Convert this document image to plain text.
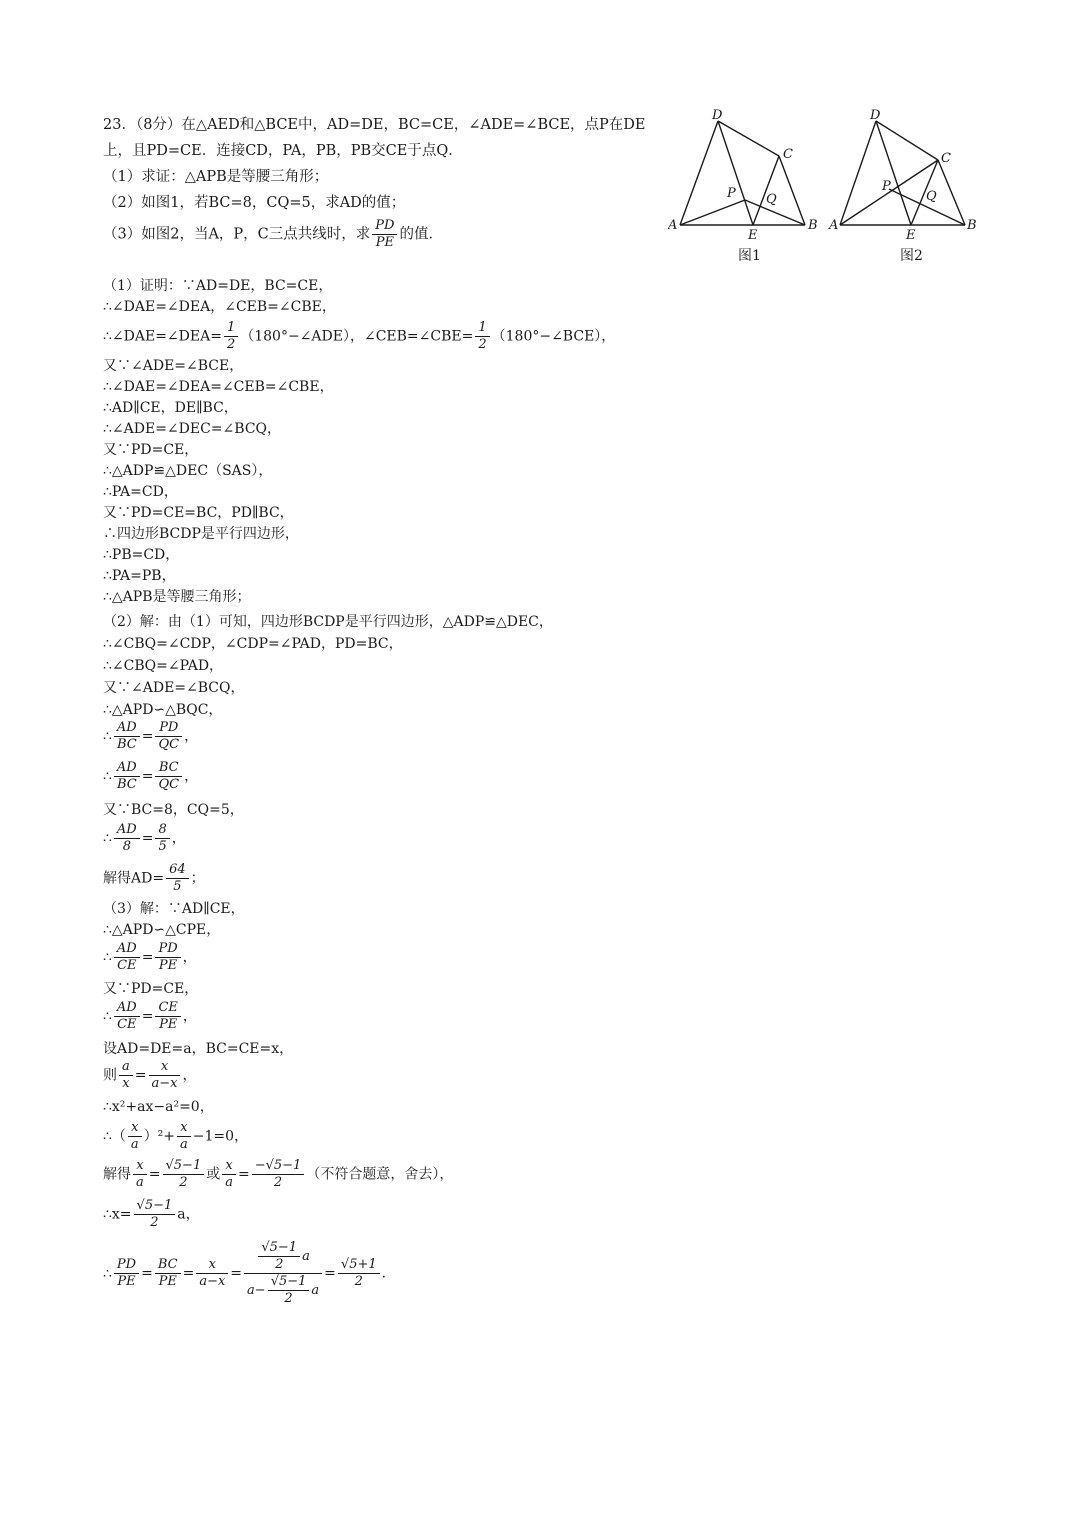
23．（8分）在△AED和△BCE中，AD=DE，BC=CE，∠ADE=∠BCE，点P在DE
上，且PD=CE．连接CD，PA，PB，PB交CE于点Q．
（1）求证：△APB是等腰三角形；
（2）如图1，若BC=8，CQ=5，求AD的值；
（3）如图2，当A，P，C三点共线时，求 $\frac{PD}{PE}$ 的值．
D
A	B
C
E
P Q
图1
D
A	B
C
E
P
Q
图2
（1）证明：∵AD=DE，BC=CE，
∴∠DAE=∠DEA，∠CEB=∠CBE，
∴∠DAE=∠DEA= $\frac{1}{2}$ （180°−∠ADE），∠CEB=∠CBE= $\frac{1}{2}$ （180°−∠BCE），
又∵∠ADE=∠BCE，
∴∠DAE=∠DEA=∠CEB=∠CBE，
∴AD∥CE，DE∥BC，
∴∠ADE=∠DEC=∠BCQ，
又∵PD=CE，
∴△ADP≌△DEC（SAS），
∴PA=CD，
又∵PD=CE=BC，PD∥BC，
∴四边形BCDP是平行四边形，
∴PB=CD，
∴PA=PB，
∴△APB是等腰三角形；
（2）解：由（1）可知，四边形BCDP是平行四边形，△ADP≌△DEC，
∴∠CBQ=∠CDP，∠CDP=∠PAD，PD=BC，
∴∠CBQ=∠PAD，
又∵∠ADE=∠BCQ，
∴△APD∽△BQC，
∴ $\frac{AD}{BC} = \frac{PD}{QC}$ ，
∴ $\frac{AD}{BC} = \frac{BC}{QC}$ ，
又∵BC=8，CQ=5，
∴ $\frac{AD}{8} = \frac{8}{5}$ ，
解得$AD= \frac{64}{5}$ ；
（3）解：∵AD∥CE，
∴△APD∽△CPE，
∴ $\frac{AD}{CE} = \frac{PD}{PE}$ ，
又∵PD=CE，
∴ $\frac{AD}{CE} = \frac{CE}{PE}$ ，
设AD=DE=a，BC=CE=x，
则 $\frac{a}{x} = \frac{x}{a-x}$ ，
∴x²+ax−a²=0，
∴（ $\frac{x}{a} )^2+ \frac{x}{a} -1=0$，
解得 $\frac{x}{a} = \frac{√5-1}{2}$ 或 $\frac{x}{a} = \frac{-√5-1}{2}$ （不符合题意，舍去），
∴x= $\frac{√5-1}{2}$ a，
∴ $\frac{PD}{PE} = \frac{BC}{PE} = \frac{x}{a-x} = \frac{\frac{√5-1}{2} a}{a- \frac{√5-1}{2} a} = \frac{√5+1}{2}$ ．
